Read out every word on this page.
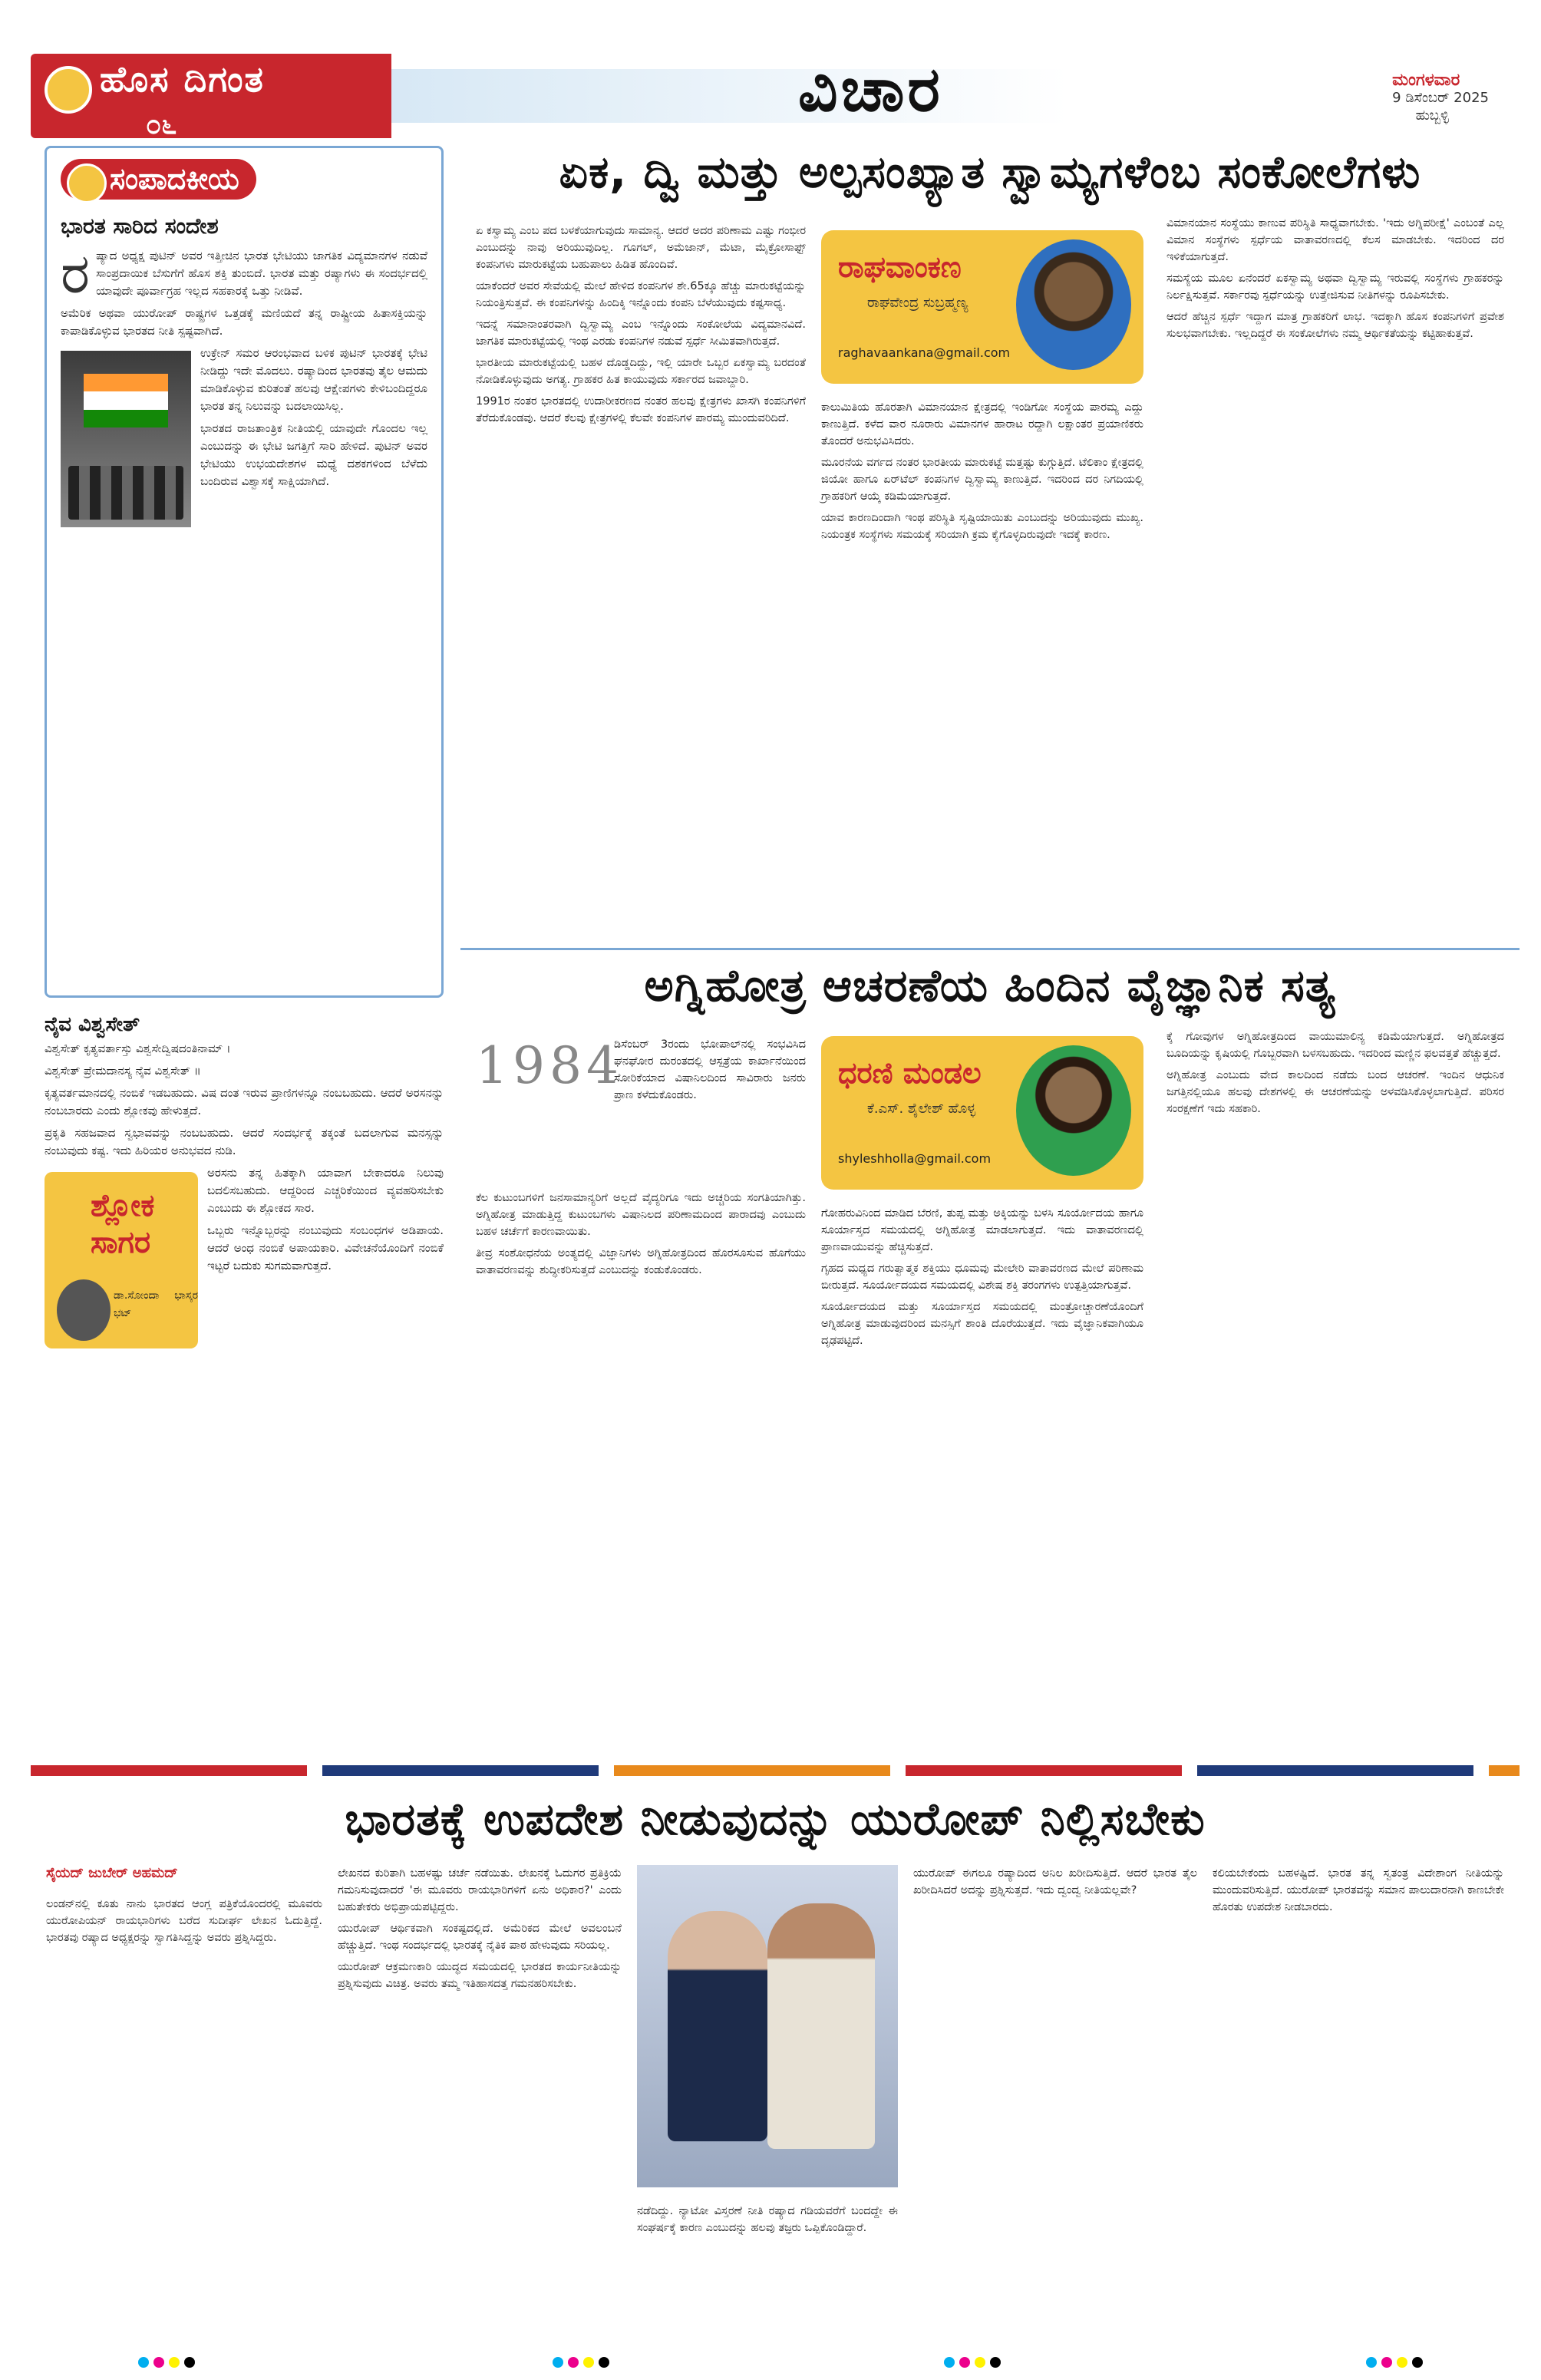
ಹೊಸ ದಿಗಂತ
೦೬	ವಿಚಾರ	ಮಂಗಳವಾರ
9 ಡಿಸೆಂಬರ್ 2025
ಹುಬ್ಬಳ್ಳಿ
ಸಂಪಾದಕೀಯ
ಭಾರತ ಸಾರಿದ ಸಂದೇಶ

ರಷ್ಯಾದ ಅಧ್ಯಕ್ಷ ಪುಟಿನ್ ಅವರ ಇತ್ತೀಚಿನ ಭಾರತ ಭೇಟಿಯು ಜಾಗತಿಕ ವಿದ್ಯಮಾನಗಳ ನಡುವೆ ಸಾಂಪ್ರದಾಯಿಕ ಬೆಸುಗೆಗೆ ಹೊಸ ಶಕ್ತಿ ತುಂಬಿದೆ. ಭಾರತ ಮತ್ತು ರಷ್ಯಾಗಳು ಈ ಸಂದರ್ಭದಲ್ಲಿ ಯಾವುದೇ ಪೂರ್ವಾಗ್ರಹ ಇಲ್ಲದ ಸಹಕಾರಕ್ಕೆ ಒತ್ತು ನೀಡಿವೆ.

ಅಮೆರಿಕ ಅಥವಾ ಯುರೋಪ್ ರಾಷ್ಟ್ರಗಳ ಒತ್ತಡಕ್ಕೆ ಮಣಿಯದೆ ತನ್ನ ರಾಷ್ಟ್ರೀಯ ಹಿತಾಸಕ್ತಿಯನ್ನು ಕಾಪಾಡಿಕೊಳ್ಳುವ ಭಾರತದ ನೀತಿ ಸ್ಪಷ್ಟವಾಗಿದೆ.

ಉಕ್ರೇನ್ ಸಮರ ಆರಂಭವಾದ ಬಳಿಕ ಪುಟಿನ್ ಭಾರತಕ್ಕೆ ಭೇಟಿ ನೀಡಿದ್ದು ಇದೇ ಮೊದಲು. ರಷ್ಯಾದಿಂದ ಭಾರತವು ತೈಲ ಆಮದು ಮಾಡಿಕೊಳ್ಳುವ ಕುರಿತಂತೆ ಹಲವು ಆಕ್ಷೇಪಗಳು ಕೇಳಿಬಂದಿದ್ದರೂ ಭಾರತ ತನ್ನ ನಿಲುವನ್ನು ಬದಲಾಯಿಸಿಲ್ಲ.

ಭಾರತದ ರಾಜತಾಂತ್ರಿಕ ನೀತಿಯಲ್ಲಿ ಯಾವುದೇ ಗೊಂದಲ ಇಲ್ಲ ಎಂಬುದನ್ನು ಈ ಭೇಟಿ ಜಗತ್ತಿಗೆ ಸಾರಿ ಹೇಳಿದೆ. ಪುಟಿನ್ ಅವರ ಭೇಟಿಯು ಉಭಯದೇಶಗಳ ಮಧ್ಯೆ ದಶಕಗಳಿಂದ ಬೆಳೆದು ಬಂದಿರುವ ವಿಶ್ವಾಸಕ್ಕೆ ಸಾಕ್ಷಿಯಾಗಿದೆ.

ಏಕ, ದ್ವಿ ಮತ್ತು ಅಲ್ಪಸಂಖ್ಯಾತ ಸ್ವಾಮ್ಯಗಳೆಂಬ ಸಂಕೋಲೆಗಳು
ರಾಘವಾಂಕಣ
ರಾಘವೇಂದ್ರ ಸುಬ್ರಹ್ಮಣ್ಯ
raghavaankana@gmail.com

ಏ ಕಸ್ವಾಮ್ಯ ಎಂಬ ಪದ ಬಳಕೆಯಾಗುವುದು ಸಾಮಾನ್ಯ. ಆದರೆ ಅದರ ಪರಿಣಾಮ ಎಷ್ಟು ಗಂಭೀರ ಎಂಬುದನ್ನು ನಾವು ಅರಿಯುವುದಿಲ್ಲ. ಗೂಗಲ್, ಅಮೆಜಾನ್, ಮೆಟಾ, ಮೈಕ್ರೋಸಾಫ್ಟ್ ಕಂಪನಿಗಳು ಮಾರುಕಟ್ಟೆಯ ಬಹುಪಾಲು ಹಿಡಿತ ಹೊಂದಿವೆ.

ಯಾಕೆಂದರೆ ಅವರ ಸೇವೆಯಲ್ಲಿ ಮೇಲೆ ಹೇಳಿದ ಕಂಪನಿಗಳ ಶೇ.65ಕ್ಕೂ ಹೆಚ್ಚು ಮಾರುಕಟ್ಟೆಯನ್ನು ನಿಯಂತ್ರಿಸುತ್ತವೆ. ಈ ಕಂಪನಿಗಳನ್ನು ಹಿಂದಿಕ್ಕಿ ಇನ್ನೊಂದು ಕಂಪನಿ ಬೆಳೆಯುವುದು ಕಷ್ಟಸಾಧ್ಯ.

ಇದನ್ನೆ ಸಮಾನಾಂತರವಾಗಿ ದ್ವಿಸ್ವಾಮ್ಯ ಎಂಬ ಇನ್ನೊಂದು ಸಂಕೋಲೆಯ ವಿದ್ಯಮಾನವಿದೆ. ಜಾಗತಿಕ ಮಾರುಕಟ್ಟೆಯಲ್ಲಿ ಇಂಥ ಎರಡು ಕಂಪನಿಗಳ ನಡುವೆ ಸ್ಪರ್ಧೆ ಸೀಮಿತವಾಗಿರುತ್ತದೆ.

ಭಾರತೀಯ ಮಾರುಕಟ್ಟೆಯಲ್ಲಿ ಬಹಳ ದೊಡ್ಡದಿದ್ದು, ಇಲ್ಲಿ ಯಾರೇ ಒಬ್ಬರ ಏಕಸ್ವಾಮ್ಯ ಬರದಂತೆ ನೋಡಿಕೊಳ್ಳುವುದು ಅಗತ್ಯ. ಗ್ರಾಹಕರ ಹಿತ ಕಾಯುವುದು ಸರ್ಕಾರದ ಜವಾಬ್ದಾರಿ.

1991ರ ನಂತರ ಭಾರತದಲ್ಲಿ ಉದಾರೀಕರಣದ ನಂತರ ಹಲವು ಕ್ಷೇತ್ರಗಳು ಖಾಸಗಿ ಕಂಪನಿಗಳಿಗೆ ತೆರೆದುಕೊಂಡವು. ಆದರೆ ಕೆಲವು ಕ್ಷೇತ್ರಗಳಲ್ಲಿ ಕೆಲವೇ ಕಂಪನಿಗಳ ಪಾರಮ್ಯ ಮುಂದುವರಿದಿದೆ.

ಕಾಲುಮಿತಿಯ ಹೊರತಾಗಿ ವಿಮಾನಯಾನ ಕ್ಷೇತ್ರದಲ್ಲಿ ಇಂಡಿಗೋ ಸಂಸ್ಥೆಯ ಪಾರಮ್ಯ ಎದ್ದು ಕಾಣುತ್ತಿದೆ. ಕಳೆದ ವಾರ ನೂರಾರು ವಿಮಾನಗಳ ಹಾರಾಟ ರದ್ದಾಗಿ ಲಕ್ಷಾಂತರ ಪ್ರಯಾಣಿಕರು ತೊಂದರೆ ಅನುಭವಿಸಿದರು.

ಮೂರನೆಯ ವರ್ಗದ ನಂತರ ಭಾರತೀಯ ಮಾರುಕಟ್ಟೆ ಮತ್ತಷ್ಟು ಕುಗ್ಗುತ್ತಿದೆ. ಟೆಲಿಕಾಂ ಕ್ಷೇತ್ರದಲ್ಲಿ ಜಿಯೋ ಹಾಗೂ ಏರ್‌ಟೆಲ್ ಕಂಪನಿಗಳ ದ್ವಿಸ್ವಾಮ್ಯ ಕಾಣುತ್ತಿದೆ. ಇದರಿಂದ ದರ ನಿಗದಿಯಲ್ಲಿ ಗ್ರಾಹಕರಿಗೆ ಆಯ್ಕೆ ಕಡಿಮೆಯಾಗುತ್ತದೆ.

ಯಾವ ಕಾರಣದಿಂದಾಗಿ ಇಂಥ ಪರಿಸ್ಥಿತಿ ಸೃಷ್ಟಿಯಾಯಿತು ಎಂಬುದನ್ನು ಅರಿಯುವುದು ಮುಖ್ಯ. ನಿಯಂತ್ರಕ ಸಂಸ್ಥೆಗಳು ಸಮಯಕ್ಕೆ ಸರಿಯಾಗಿ ಕ್ರಮ ಕೈಗೊಳ್ಳದಿರುವುದೇ ಇದಕ್ಕೆ ಕಾರಣ.

ವಿಮಾನಯಾನ ಸಂಸ್ಥೆಯು ಕಾಣುವ ಪರಿಸ್ಥಿತಿ ಸಾಧ್ಯವಾಗಬೇಕು. 'ಇದು ಅಗ್ನಿಪರೀಕ್ಷೆ' ಎಂಬಂತೆ ಎಲ್ಲ ವಿಮಾನ ಸಂಸ್ಥೆಗಳು ಸ್ಪರ್ಧೆಯ ವಾತಾವರಣದಲ್ಲಿ ಕೆಲಸ ಮಾಡಬೇಕು. ಇದರಿಂದ ದರ ಇಳಿಕೆಯಾಗುತ್ತದೆ.

ಸಮಸ್ಯೆಯ ಮೂಲ ಏನೆಂದರೆ ಏಕಸ್ವಾಮ್ಯ ಅಥವಾ ದ್ವಿಸ್ವಾಮ್ಯ ಇರುವಲ್ಲಿ ಸಂಸ್ಥೆಗಳು ಗ್ರಾಹಕರನ್ನು ನಿರ್ಲಕ್ಷಿಸುತ್ತವೆ. ಸರ್ಕಾರವು ಸ್ಪರ್ಧೆಯನ್ನು ಉತ್ತೇಜಿಸುವ ನೀತಿಗಳನ್ನು ರೂಪಿಸಬೇಕು.

ಆದರೆ ಹೆಚ್ಚಿನ ಸ್ಪರ್ಧೆ ಇದ್ದಾಗ ಮಾತ್ರ ಗ್ರಾಹಕರಿಗೆ ಲಾಭ. ಇದಕ್ಕಾಗಿ ಹೊಸ ಕಂಪನಿಗಳಿಗೆ ಪ್ರವೇಶ ಸುಲಭವಾಗಬೇಕು. ಇಲ್ಲದಿದ್ದರೆ ಈ ಸಂಕೋಲೆಗಳು ನಮ್ಮ ಆರ್ಥಿಕತೆಯನ್ನು ಕಟ್ಟಿಹಾಕುತ್ತವೆ.

ನೈವ ವಿಶ್ವಸೇತ್

ವಿಶ್ವಸೇತ್ ಕೃತ್ಯವರ್ತಾಸ್ತು ವಿಶ್ವಸೇದ್ವಿಷದಂತಿನಾಮ್ ।

ವಿಶ್ವಸೇತ್ ಪ್ರೇಮದಾನಸ್ಯ ನೈವ ವಿಶ್ವಸೇತ್ ॥

ಕೃತ್ಯವರ್ತಮಾನದಲ್ಲಿ ನಂಬಿಕೆ ಇಡಬಹುದು. ವಿಷ ದಂತ ಇರುವ ಪ್ರಾಣಿಗಳನ್ನೂ ನಂಬಬಹುದು. ಆದರೆ ಅರಸನನ್ನು ನಂಬಬಾರದು ಎಂದು ಶ್ಲೋಕವು ಹೇಳುತ್ತದೆ.

ಪ್ರಕೃತಿ ಸಹಜವಾದ ಸ್ವಭಾವವನ್ನು ನಂಬಬಹುದು. ಆದರೆ ಸಂದರ್ಭಕ್ಕೆ ತಕ್ಕಂತೆ ಬದಲಾಗುವ ಮನಸ್ಸನ್ನು ನಂಬುವುದು ಕಷ್ಟ. ಇದು ಹಿರಿಯರ ಅನುಭವದ ನುಡಿ.

ಶ್ಲೋಕ ಸಾಗರ
ಡಾ.ಸೋಂದಾ ಭಾಸ್ಕರ ಭಟ್

ಅರಸನು ತನ್ನ ಹಿತಕ್ಕಾಗಿ ಯಾವಾಗ ಬೇಕಾದರೂ ನಿಲುವು ಬದಲಿಸಬಹುದು. ಆದ್ದರಿಂದ ಎಚ್ಚರಿಕೆಯಿಂದ ವ್ಯವಹರಿಸಬೇಕು ಎಂಬುದು ಈ ಶ್ಲೋಕದ ಸಾರ.

ಒಬ್ಬರು ಇನ್ನೊಬ್ಬರನ್ನು ನಂಬುವುದು ಸಂಬಂಧಗಳ ಅಡಿಪಾಯ. ಆದರೆ ಅಂಧ ನಂಬಿಕೆ ಅಪಾಯಕಾರಿ. ವಿವೇಚನೆಯೊಂದಿಗೆ ನಂಬಿಕೆ ಇಟ್ಟರೆ ಬದುಕು ಸುಗಮವಾಗುತ್ತದೆ.

ಅಗ್ನಿಹೋತ್ರ ಆಚರಣೆಯ ಹಿಂದಿನ ವೈಜ್ಞಾನಿಕ ಸತ್ಯ
1984	ಧರಣಿ ಮಂಡಲ
ಕೆ.ಎಸ್. ಶೈಲೇಶ್ ಹೊಳ್ಳ
shyleshholla@gmail.com

ಡಿಸೆಂಬರ್ 3ರಂದು ಭೋಪಾಲ್‌ನಲ್ಲಿ ಸಂಭವಿಸಿದ ಘನಘೋರ ದುರಂತದಲ್ಲಿ ಆಸ್ಪತ್ರೆಯ ಕಾರ್ಖಾನೆಯಿಂದ ಸೋರಿಕೆಯಾದ ವಿಷಾನಿಲದಿಂದ ಸಾವಿರಾರು ಜನರು ಪ್ರಾಣ ಕಳೆದುಕೊಂಡರು.

ಕೆಲ ಕುಟುಂಬಗಳಿಗೆ ಜನಸಾಮಾನ್ಯರಿಗೆ ಅಲ್ಲದೆ ವೈದ್ಯರಿಗೂ ಇದು ಅಚ್ಚರಿಯ ಸಂಗತಿಯಾಗಿತ್ತು. ಅಗ್ನಿಹೋತ್ರ ಮಾಡುತ್ತಿದ್ದ ಕುಟುಂಬಗಳು ವಿಷಾನಿಲದ ಪರಿಣಾಮದಿಂದ ಪಾರಾದವು ಎಂಬುದು ಬಹಳ ಚರ್ಚೆಗೆ ಕಾರಣವಾಯಿತು.

ತೀವ್ರ ಸಂಶೋಧನೆಯ ಅಂತ್ಯದಲ್ಲಿ ವಿಜ್ಞಾನಿಗಳು ಅಗ್ನಿಹೋತ್ರದಿಂದ ಹೊರಸೂಸುವ ಹೊಗೆಯು ವಾತಾವರಣವನ್ನು ಶುದ್ಧೀಕರಿಸುತ್ತದೆ ಎಂಬುದನ್ನು ಕಂಡುಕೊಂಡರು.

ಗೋಹರುವಿನಿಂದ ಮಾಡಿದ ಬೆರಣಿ, ತುಪ್ಪ ಮತ್ತು ಅಕ್ಕಿಯನ್ನು ಬಳಸಿ ಸೂರ್ಯೋದಯ ಹಾಗೂ ಸೂರ್ಯಾಸ್ತದ ಸಮಯದಲ್ಲಿ ಅಗ್ನಿಹೋತ್ರ ಮಾಡಲಾಗುತ್ತದೆ. ಇದು ವಾತಾವರಣದಲ್ಲಿ ಪ್ರಾಣವಾಯುವನ್ನು ಹೆಚ್ಚಿಸುತ್ತದೆ.

ಗೃಹದ ಮಧ್ಯದ ಗರುತ್ವಾತ್ಮಕ ಶಕ್ತಿಯು ಧೂಮವು ಮೇಲೇರಿ ವಾತಾವರಣದ ಮೇಲೆ ಪರಿಣಾಮ ಬೀರುತ್ತದೆ. ಸೂರ್ಯೋದಯದ ಸಮಯದಲ್ಲಿ ವಿಶೇಷ ಶಕ್ತಿ ತರಂಗಗಳು ಉತ್ಪತ್ತಿಯಾಗುತ್ತವೆ.

ಸೂರ್ಯೋದಯದ ಮತ್ತು ಸೂರ್ಯಾಸ್ತದ ಸಮಯದಲ್ಲಿ ಮಂತ್ರೋಚ್ಚಾರಣೆಯೊಂದಿಗೆ ಅಗ್ನಿಹೋತ್ರ ಮಾಡುವುದರಿಂದ ಮನಸ್ಸಿಗೆ ಶಾಂತಿ ದೊರೆಯುತ್ತದೆ. ಇದು ವೈಜ್ಞಾನಿಕವಾಗಿಯೂ ದೃಢಪಟ್ಟಿದೆ.

ಕ್ಕೆ ಗೋವುಗಳ ಅಗ್ನಿಹೋತ್ರದಿಂದ ವಾಯುಮಾಲಿನ್ಯ ಕಡಿಮೆಯಾಗುತ್ತದೆ. ಅಗ್ನಿಹೋತ್ರದ ಬೂದಿಯನ್ನು ಕೃಷಿಯಲ್ಲಿ ಗೊಬ್ಬರವಾಗಿ ಬಳಸಬಹುದು. ಇದರಿಂದ ಮಣ್ಣಿನ ಫಲವತ್ತತೆ ಹೆಚ್ಚುತ್ತದೆ.

ಅಗ್ನಿಹೋತ್ರ ಎಂಬುದು ವೇದ ಕಾಲದಿಂದ ನಡೆದು ಬಂದ ಆಚರಣೆ. ಇಂದಿನ ಆಧುನಿಕ ಜಗತ್ತಿನಲ್ಲಿಯೂ ಹಲವು ದೇಶಗಳಲ್ಲಿ ಈ ಆಚರಣೆಯನ್ನು ಅಳವಡಿಸಿಕೊಳ್ಳಲಾಗುತ್ತಿದೆ. ಪರಿಸರ ಸಂರಕ್ಷಣೆಗೆ ಇದು ಸಹಕಾರಿ.

ಭಾರತಕ್ಕೆ ಉಪದೇಶ ನೀಡುವುದನ್ನು ಯುರೋಪ್ ನಿಲ್ಲಿಸಬೇಕು
ಸೈಯದ್ ಜುಬೇರ್ ಅಹಮದ್

ಲಂಡನ್‌ನಲ್ಲಿ ಕೂತು ನಾನು ಭಾರತದ ಆಂಗ್ಲ ಪತ್ರಿಕೆಯೊಂದರಲ್ಲಿ ಮೂವರು ಯುರೋಪಿಯನ್ ರಾಯಭಾರಿಗಳು ಬರೆದ ಸುದೀರ್ಘ ಲೇಖನ ಓದುತ್ತಿದ್ದೆ. ಭಾರತವು ರಷ್ಯಾದ ಅಧ್ಯಕ್ಷರನ್ನು ಸ್ವಾಗತಿಸಿದ್ದನ್ನು ಅವರು ಪ್ರಶ್ನಿಸಿದ್ದರು.

ಲೇಖನದ ಕುರಿತಾಗಿ ಬಹಳಷ್ಟು ಚರ್ಚೆ ನಡೆಯಿತು. ಲೇಖನಕ್ಕೆ ಓದುಗರ ಪ್ರತಿಕ್ರಿಯೆ ಗಮನಿಸುವುದಾದರೆ 'ಈ ಮೂವರು ರಾಯಭಾರಿಗಳಿಗೆ ಏನು ಅಧಿಕಾರ?' ಎಂದು ಬಹುತೇಕರು ಅಭಿಪ್ರಾಯಪಟ್ಟಿದ್ದರು.

ಯುರೋಪ್ ಆರ್ಥಿಕವಾಗಿ ಸಂಕಷ್ಟದಲ್ಲಿದೆ. ಅಮೆರಿಕದ ಮೇಲೆ ಅವಲಂಬನೆ ಹೆಚ್ಚುತ್ತಿದೆ. ಇಂಥ ಸಂದರ್ಭದಲ್ಲಿ ಭಾರತಕ್ಕೆ ನೈತಿಕ ಪಾಠ ಹೇಳುವುದು ಸರಿಯಲ್ಲ.

ಯುರೋಪ್ ಆಕ್ರಮಣಕಾರಿ ಯುದ್ಧದ ಸಮಯದಲ್ಲಿ ಭಾರತದ ಕಾರ್ಯನೀತಿಯನ್ನು ಪ್ರಶ್ನಿಸುವುದು ವಿಚಿತ್ರ. ಅವರು ತಮ್ಮ ಇತಿಹಾಸದತ್ತ ಗಮನಹರಿಸಬೇಕು.

ನಡೆದಿದ್ದು. ನ್ಯಾಟೋ ವಿಸ್ತರಣೆ ನೀತಿ ರಷ್ಯಾದ ಗಡಿಯವರೆಗೆ ಬಂದದ್ದೇ ಈ ಸಂಘರ್ಷಕ್ಕೆ ಕಾರಣ ಎಂಬುದನ್ನು ಹಲವು ತಜ್ಞರು ಒಪ್ಪಿಕೊಂಡಿದ್ದಾರೆ.

ಯುರೋಪ್ ಈಗಲೂ ರಷ್ಯಾದಿಂದ ಅನಿಲ ಖರೀದಿಸುತ್ತಿದೆ. ಆದರೆ ಭಾರತ ತೈಲ ಖರೀದಿಸಿದರೆ ಅದನ್ನು ಪ್ರಶ್ನಿಸುತ್ತದೆ. ಇದು ದ್ವಂದ್ವ ನೀತಿಯಲ್ಲವೇ?

ಕಲಿಯಬೇಕೆಂದು ಬಹಳಷ್ಟಿದೆ. ಭಾರತ ತನ್ನ ಸ್ವತಂತ್ರ ವಿದೇಶಾಂಗ ನೀತಿಯನ್ನು ಮುಂದುವರಿಸುತ್ತಿದೆ. ಯುರೋಪ್ ಭಾರತವನ್ನು ಸಮಾನ ಪಾಲುದಾರನಾಗಿ ಕಾಣಬೇಕೇ ಹೊರತು ಉಪದೇಶ ನೀಡಬಾರದು.
